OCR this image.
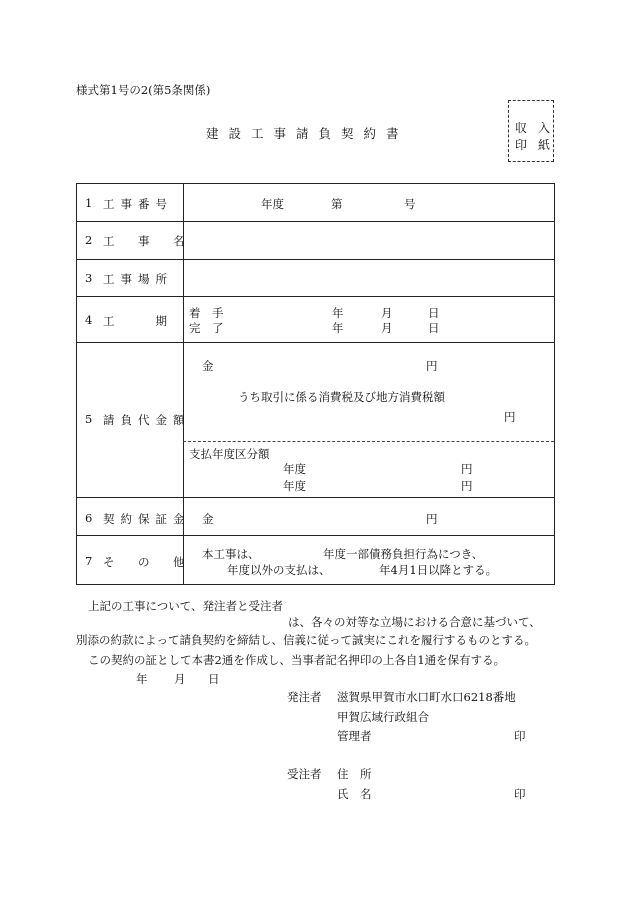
様式第1号の2(第5条関係)
建設工事請負契約書	収入
印紙
1 工事番号	年度	第	号
2 工　事　名
3 工事場所
4 工　　期
着　手	年	月	日
完　了	年	月	日
5 請負代金額
金	円
うち取引に係る消費税及び地方消費税額
円
支払年度区分額
年度	円
年度	円
6 契約保証金 金	円
7 そ　の　他
本工事は、	年度一部債務負担行為につき、
年度以外の支払は、	年4月1日以降とする。
上記の工事について、発注者と受注者
は、各々の対等な立場における合意に基づいて、
別添の約款によって請負契約を締結し、信義に従って誠実にこれを履行するものとする。
この契約の証として本書2通を作成し、当事者記名押印の上各自1通を保有する。
年 月 日
発注者 滋賀県甲賀市水口町水口6218番地
甲賀広域行政組合
管理者	印
受注者 住　所
氏　名	印
